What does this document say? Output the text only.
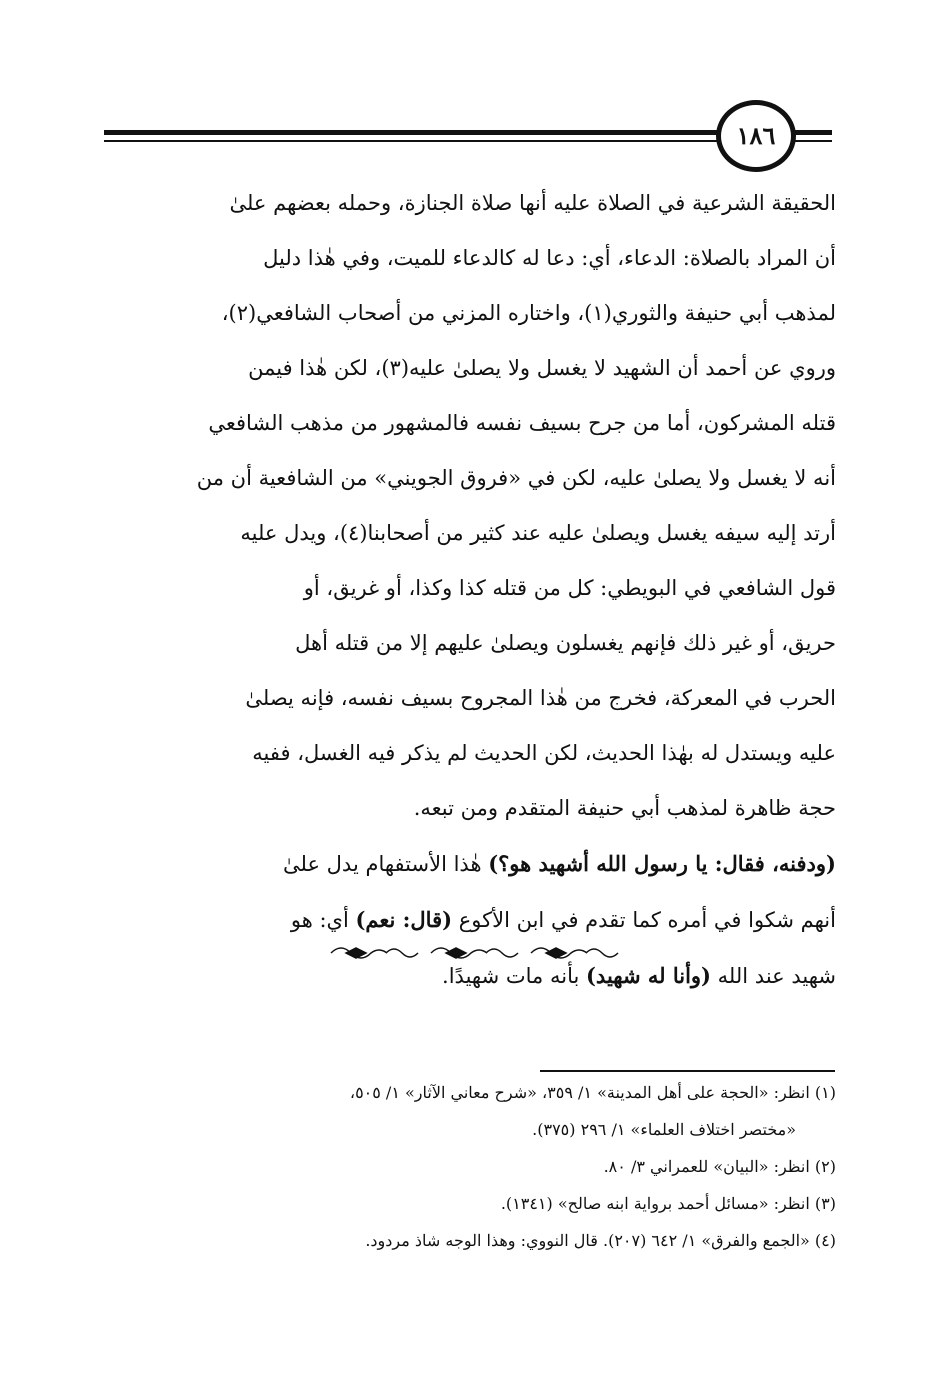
١٨٦
الحقيقة الشرعية في الصلاة عليه أنها صلاة الجنازة، وحمله بعضهم علىٰ
أن المراد بالصلاة: الدعاء، أي: دعا له كالدعاء للميت، وفي هٰذا دليل
لمذهب أبي حنيفة والثوري(١)، واختاره المزني من أصحاب الشافعي(٢)،
وروي عن أحمد أن الشهيد لا يغسل ولا يصلىٰ عليه(٣)، لكن هٰذا فيمن
قتله المشركون، أما من جرح بسيف نفسه فالمشهور من مذهب الشافعي
أنه لا يغسل ولا يصلىٰ عليه، لكن في «فروق الجويني» من الشافعية أن من
أرتد إليه سيفه يغسل ويصلىٰ عليه عند كثير من أصحابنا(٤)، ويدل عليه
قول الشافعي في البويطي: كل من قتله كذا وكذا، أو غريق، أو
حريق، أو غير ذلك فإنهم يغسلون ويصلىٰ عليهم إلا من قتله أهل
الحرب في المعركة، فخرج من هٰذا المجروح بسيف نفسه، فإنه يصلىٰ
عليه ويستدل له بهٰذا الحديث، لكن الحديث لم يذكر فيه الغسل، ففيه
حجة ظاهرة لمذهب أبي حنيفة المتقدم ومن تبعه.
(ودفنه، فقال: يا رسول الله أشهيد هو؟) هٰذا الأستفهام يدل علىٰ
أنهم شكوا في أمره كما تقدم في ابن الأكوع (قال: نعم) أي: هو
شهيد عند الله (وأنا له شهيد) بأنه مات شهيدًا.
(١) انظر: «الحجة على أهل المدينة» ١/ ٣٥٩، «شرح معاني الآثار» ١/ ٥٠٥،
«مختصر اختلاف العلماء» ١/ ٢٩٦ (٣٧٥).
(٢) انظر: «البيان» للعمراني ٣/ ٨٠.
(٣) انظر: «مسائل أحمد برواية ابنه صالح» (١٣٤١).
(٤) «الجمع والفرق» ١/ ٦٤٢ (٢٠٧). قال النووي: وهذا الوجه شاذ مردود.
